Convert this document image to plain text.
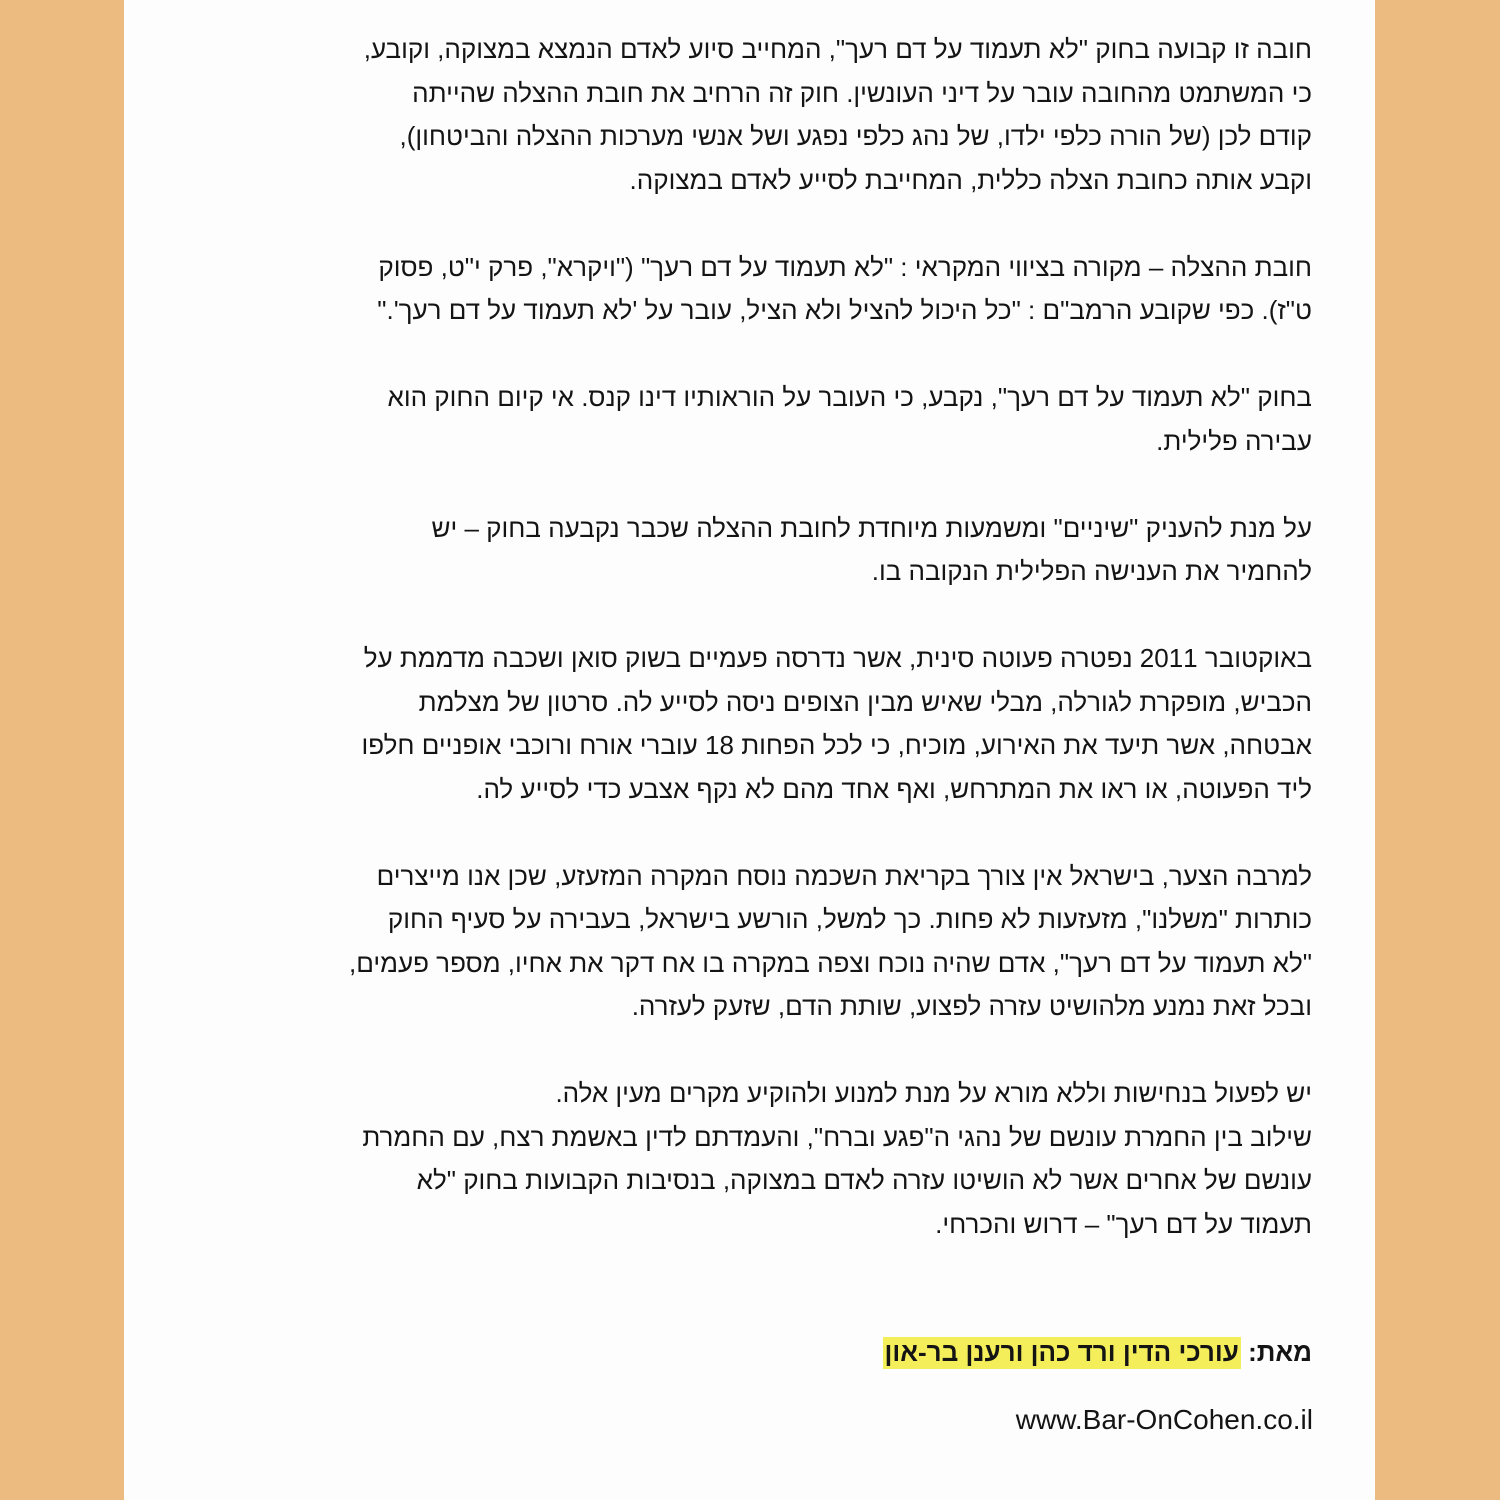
חובה זו קבועה בחוק "לא תעמוד על דם רעך", המחייב סיוע לאדם הנמצא במצוקה, וקובע,
כי המשתמט מהחובה עובר על דיני העונשין. חוק זה הרחיב את חובת ההצלה שהייתה
קודם לכן (של הורה כלפי ילדו, של נהג כלפי נפגע ושל אנשי מערכות ההצלה והביטחון),
וקבע אותה כחובת הצלה כללית, המחייבת לסייע לאדם במצוקה.

חובת ההצלה – מקורה בציווי המקראי : "לא תעמוד על דם רעך" ("ויקרא", פרק י"ט, פסוק
ט"ז). כפי שקובע הרמב"ם : "כל היכול להציל ולא הציל, עובר על 'לא תעמוד על דם רעך'."

בחוק "לא תעמוד על דם רעך", נקבע, כי העובר על הוראותיו דינו קנס. אי קיום החוק הוא
עבירה פלילית.

על מנת להעניק "שיניים" ומשמעות מיוחדת לחובת ההצלה שכבר נקבעה בחוק – יש
להחמיר את הענישה הפלילית הנקובה בו.

באוקטובר 2011 נפטרה פעוטה סינית, אשר נדרסה פעמיים בשוק סואן ושכבה מדממת על
הכביש, מופקרת לגורלה, מבלי שאיש מבין הצופים ניסה לסייע לה. סרטון של מצלמת
אבטחה, אשר תיעד את האירוע, מוכיח, כי לכל הפחות 18 עוברי אורח ורוכבי אופניים חלפו
ליד הפעוטה, או ראו את המתרחש, ואף אחד מהם לא נקף אצבע כדי לסייע לה.

למרבה הצער, בישראל אין צורך בקריאת השכמה נוסח המקרה המזעזע, שכן אנו מייצרים
כותרות "משלנו", מזעזעות לא פחות. כך למשל, הורשע בישראל, בעבירה על סעיף החוק
"לא תעמוד על דם רעך", אדם שהיה נוכח וצפה במקרה בו אח דקר את אחיו, מספר פעמים,
ובכל זאת נמנע מלהושיט עזרה לפצוע, שותת הדם, שזעק לעזרה.

יש לפעול בנחישות וללא מורא על מנת למנוע ולהוקיע מקרים מעין אלה.
שילוב בין החמרת עונשם של נהגי ה"פגע וברח", והעמדתם לדין באשמת רצח, עם החמרת
עונשם של אחרים אשר לא הושיטו עזרה לאדם במצוקה, בנסיבות הקבועות בחוק "לא
תעמוד על דם רעך" – דרוש והכרחי.

מאת: עורכי הדין ורד כהן ורענן בר-און
www.Bar-OnCohen.co.il
